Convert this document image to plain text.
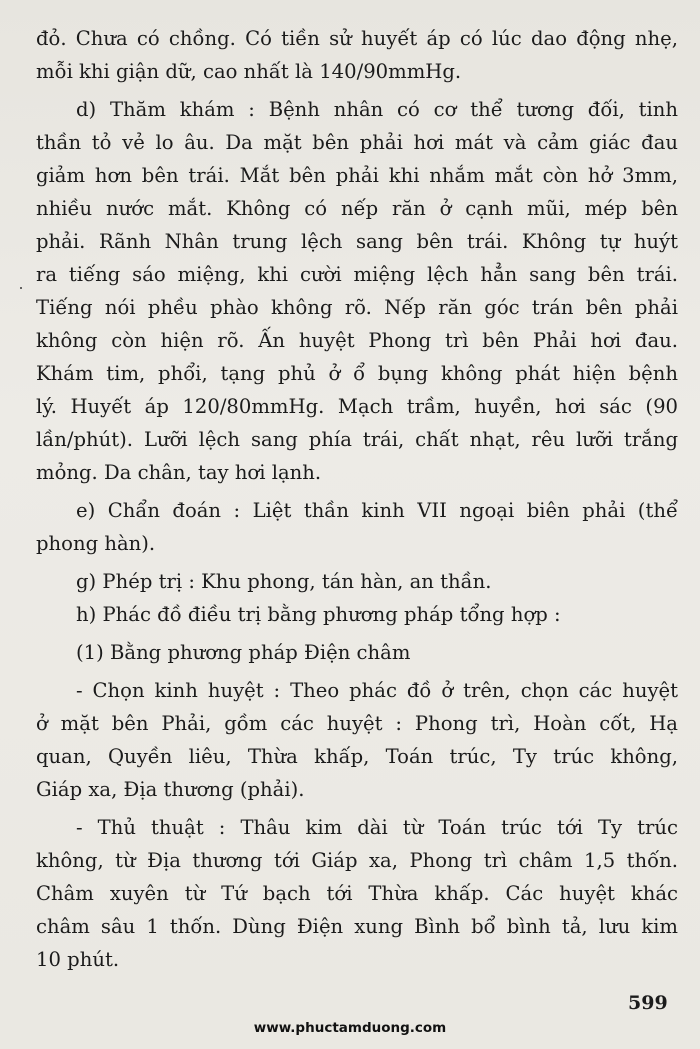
đỏ. Chưa có chồng. Có tiền sử huyết áp có lúc dao động nhẹ,
mỗi khi giận dữ, cao nhất là 140/90mmHg.
d) Thăm khám : Bệnh nhân có cơ thể tương đối, tinh
thần tỏ vẻ lo âu. Da mặt bên phải hơi mát và cảm giác đau
giảm hơn bên trái. Mắt bên phải khi nhắm mắt còn hở 3mm,
nhiều nước mắt. Không có nếp răn ở cạnh mũi, mép bên
phải. Rãnh Nhân trung lệch sang bên trái. Không tự huýt
ra tiếng sáo miệng, khi cười miệng lệch hẳn sang bên trái.
Tiếng nói phều phào không rõ. Nếp răn góc trán bên phải
không còn hiện rõ. Ấn huyệt Phong trì bên Phải hơi đau.
Khám tim, phổi, tạng phủ ở ổ bụng không phát hiện bệnh
lý. Huyết áp 120/80mmHg. Mạch trầm, huyền, hơi sác (90
lần/phút). Lưỡi lệch sang phía trái, chất nhạt, rêu lưỡi trắng
mỏng. Da chân, tay hơi lạnh.
e) Chẩn đoán : Liệt thần kinh VII ngoại biên phải (thể
phong hàn).
g) Phép trị : Khu phong, tán hàn, an thần.
h) Phác đồ điều trị bằng phương pháp tổng hợp :
(1) Bằng phương pháp Điện châm
- Chọn kinh huyệt : Theo phác đồ ở trên, chọn các huyệt
ở mặt bên Phải, gồm các huyệt : Phong trì, Hoàn cốt, Hạ
quan, Quyền liêu, Thừa khấp, Toán trúc, Ty trúc không,
Giáp xa, Địa thương (phải).
- Thủ thuật : Thâu kim dài từ Toán trúc tới Ty trúc
không, từ Địa thương tới Giáp xa, Phong trì châm 1,5 thốn.
Châm xuyên từ Tứ bạch tới Thừa khấp. Các huyệt khác
châm sâu 1 thốn. Dùng Điện xung Bình bổ bình tả, lưu kim
10 phút.
599
www.phuctamduong.com
